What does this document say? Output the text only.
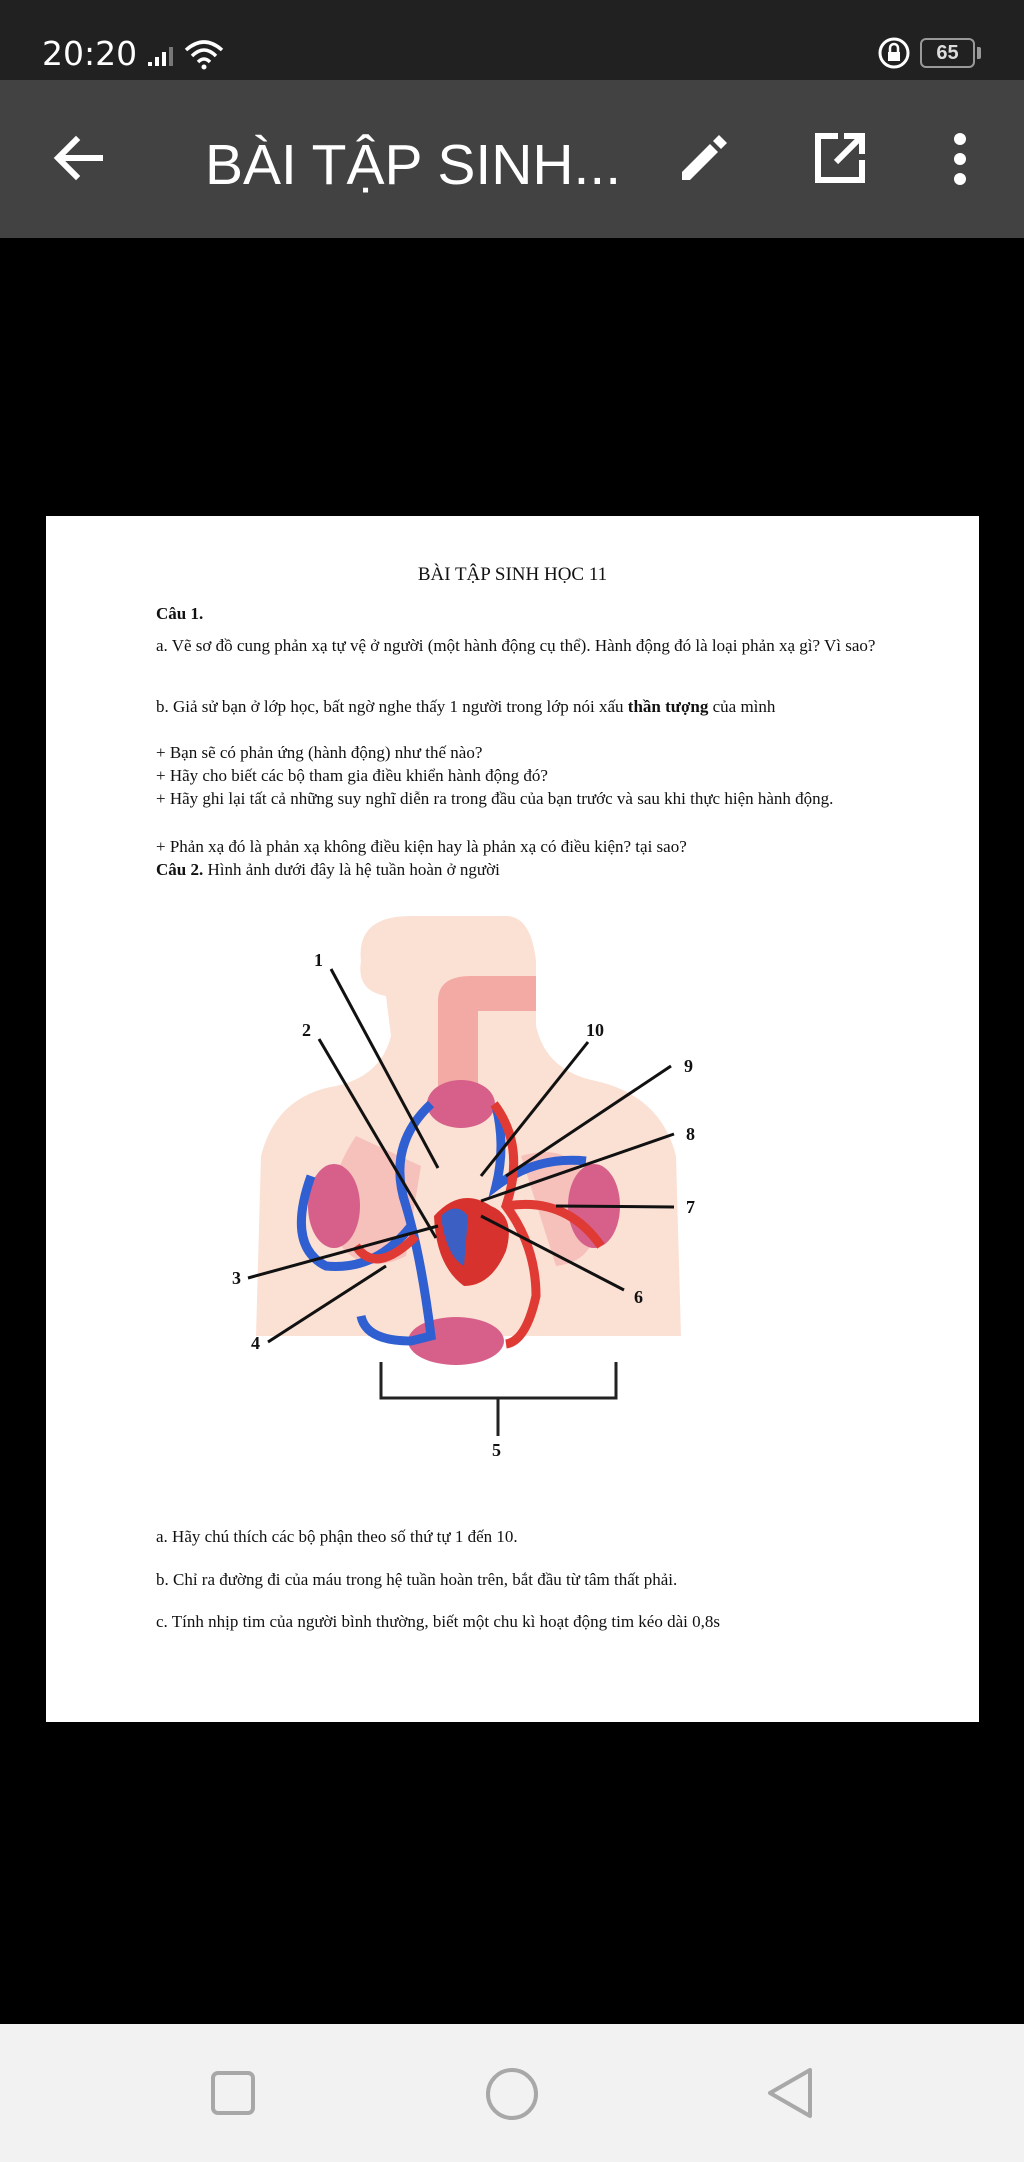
20:20	65
BÀI TẬP SINH...
BÀI TẬP SINH HỌC 11
Câu 1.
a. Vẽ sơ đồ cung phản xạ tự vệ ở người (một hành động cụ thể). Hành động đó là loại phản xạ gì? Vì sao?
b. Giả sử bạn ở lớp học, bất ngờ nghe thấy 1 người trong lớp nói xấu thần tượng của mình
+ Bạn sẽ có phản ứng (hành động) như thế nào?
+ Hãy cho biết các bộ tham gia điều khiển hành động đó?
+ Hãy ghi lại tất cả những suy nghĩ diễn ra trong đầu của bạn trước và sau khi thực hiện hành động.
+ Phản xạ đó là phản xạ không điều kiện hay là phản xạ có điều kiện? tại sao?
Câu 2. Hình ảnh dưới đây là hệ tuần hoàn ở người
1
2
3
4
5
6
7
8
9
10
a. Hãy chú thích các bộ phận theo số thứ tự 1 đến 10.
b. Chỉ ra đường đi của máu trong hệ tuần hoàn trên, bắt đầu từ tâm thất phải.
c. Tính nhịp tim của người bình thường, biết một chu kì hoạt động tim kéo dài 0,8s
